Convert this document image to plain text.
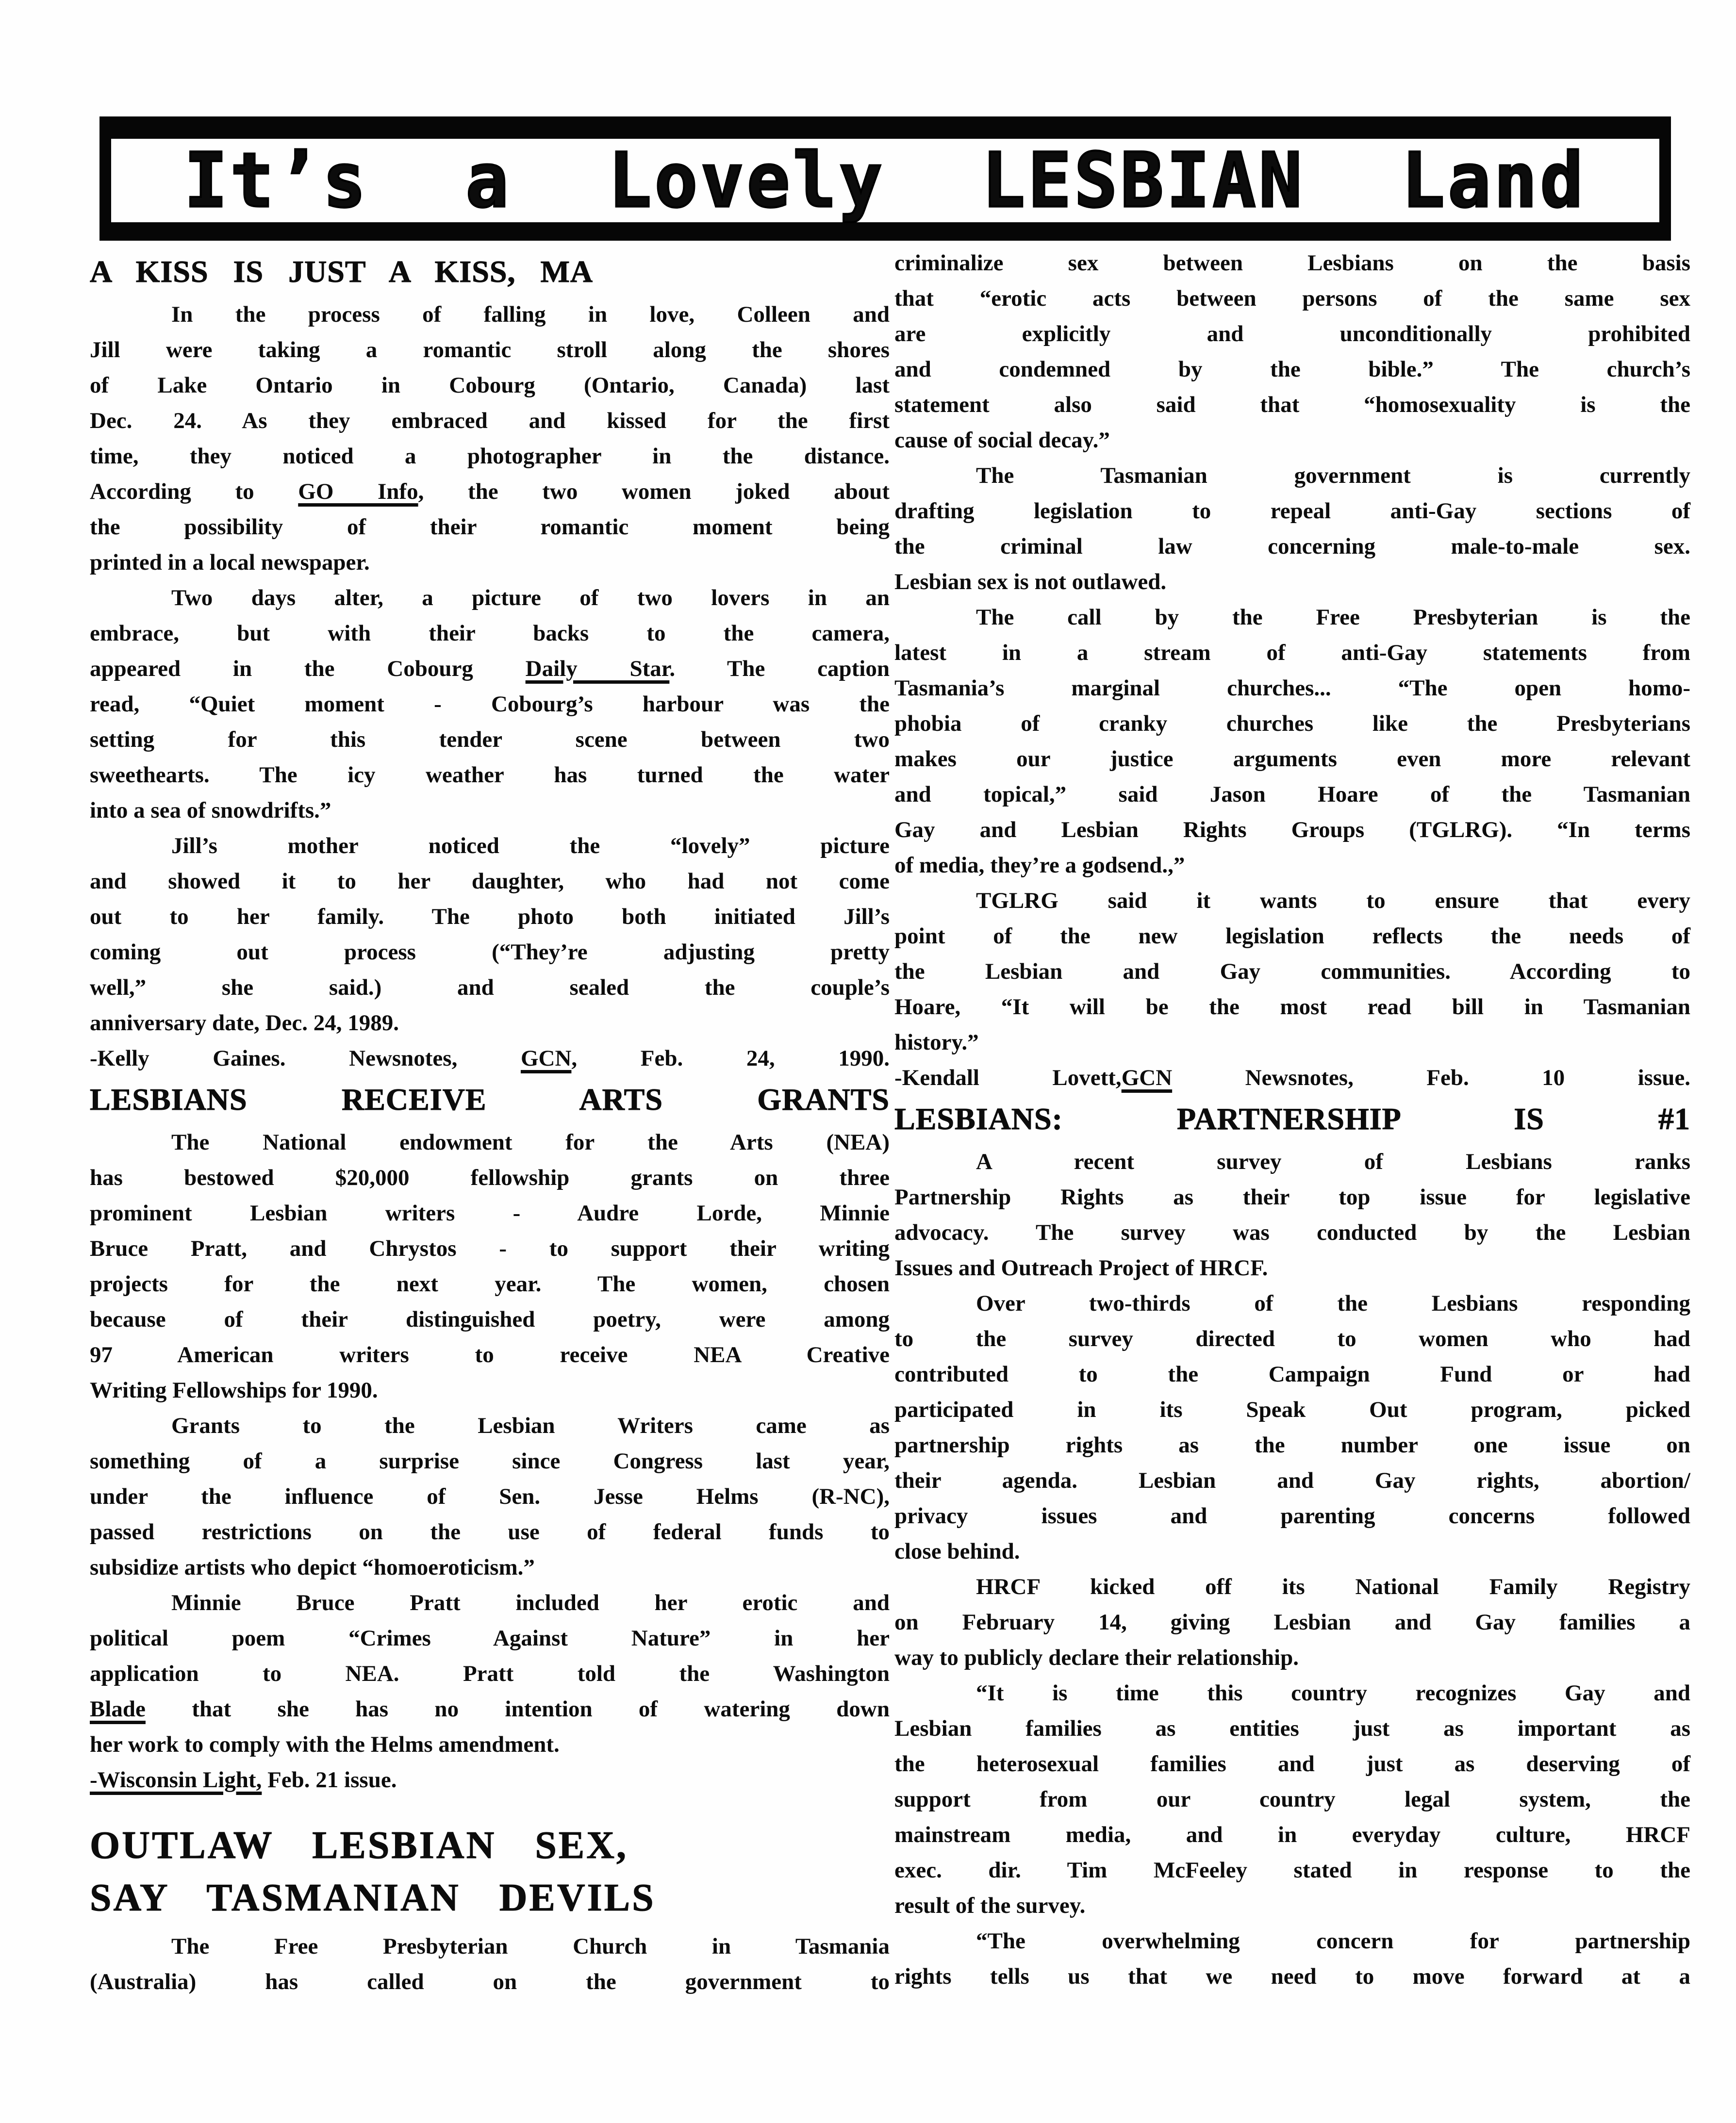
It’s a Lovely LESBIAN Land
A KISS IS JUST A KISS, MA
In the process of falling in love, Colleen and
Jill were taking a romantic stroll along the shores
of Lake Ontario in Cobourg (Ontario, Canada) last
Dec. 24. As they embraced and kissed for the first
time, they noticed a photographer in the distance.
According to GO Info, the two women joked about
the possibility of their romantic moment being
printed in a local newspaper.
Two days alter, a picture of two lovers in an
embrace, but with their backs to the camera,
appeared in the Cobourg Daily Star. The caption
read, “Quiet moment - Cobourg’s harbour was the
setting for this tender scene between two
sweethearts. The icy weather has turned the water
into a sea of snowdrifts.”
Jill’s mother noticed the “lovely” picture
and showed it to her daughter, who had not come
out to her family. The photo both initiated Jill’s
coming out process (“They’re adjusting pretty
well,” she said.) and sealed the couple’s
anniversary date, Dec. 24, 1989.
-Kelly Gaines. Newsnotes, GCN, Feb. 24, 1990.
LESBIANS RECEIVE ARTS GRANTS
The National endowment for the Arts (NEA)
has bestowed $20,000 fellowship grants on three
prominent Lesbian writers - Audre Lorde, Minnie
Bruce Pratt, and Chrystos - to support their writing
projects for the next year. The women, chosen
because of their distinguished poetry, were among
97 American writers to receive NEA Creative
Writing Fellowships for 1990.
Grants to the Lesbian Writers came as
something of a surprise since Congress last year,
under the influence of Sen. Jesse Helms (R-NC),
passed restrictions on the use of federal funds to
subsidize artists who depict “homoeroticism.”
Minnie Bruce Pratt included her erotic and
political poem “Crimes Against Nature” in her
application to NEA. Pratt told the Washington
Blade that she has no intention of watering down
her work to comply with the Helms amendment.
-Wisconsin Light, Feb. 21 issue.
OUTLAW LESBIAN SEX,
SAY TASMANIAN DEVILS
The Free Presbyterian Church in Tasmania
(Australia) has called on the government to
criminalize sex between Lesbians on the basis
that “erotic acts between persons of the same sex
are explicitly and unconditionally prohibited
and condemned by the bible.” The church’s
statement also said that “homosexuality is the
cause of social decay.”
The Tasmanian government is currently
drafting legislation to repeal anti-Gay sections of
the criminal law concerning male-to-male sex.
Lesbian sex is not outlawed.
The call by the Free Presbyterian is the
latest in a stream of anti-Gay statements from
Tasmania’s marginal churches... “The open homo-
phobia of cranky churches like the Presbyterians
makes our justice arguments even more relevant
and topical,” said Jason Hoare of the Tasmanian
Gay and Lesbian Rights Groups (TGLRG). “In terms
of media, they’re a godsend.,”
TGLRG said it wants to ensure that every
point of the new legislation reflects the needs of
the Lesbian and Gay communities. According to
Hoare, “It will be the most read bill in Tasmanian
history.”
-Kendall Lovett,GCN Newsnotes, Feb. 10 issue.
LESBIANS: PARTNERSHIP IS #1
A recent survey of Lesbians ranks
Partnership Rights as their top issue for legislative
advocacy. The survey was conducted by the Lesbian
Issues and Outreach Project of HRCF.
Over two-thirds of the Lesbians responding
to the survey directed to women who had
contributed to the Campaign Fund or had
participated in its Speak Out program, picked
partnership rights as the number one issue on
their agenda. Lesbian and Gay rights, abortion/
privacy issues and parenting concerns followed
close behind.
HRCF kicked off its National Family Registry
on February 14, giving Lesbian and Gay families a
way to publicly declare their relationship.
“It is time this country recognizes Gay and
Lesbian families as entities just as important as
the heterosexual families and just as deserving of
support from our country legal system, the
mainstream media, and in everyday culture, HRCF
exec. dir. Tim McFeeley stated in response to the
result of the survey.
“The overwhelming concern for partnership
rights tells us that we need to move forward at a
